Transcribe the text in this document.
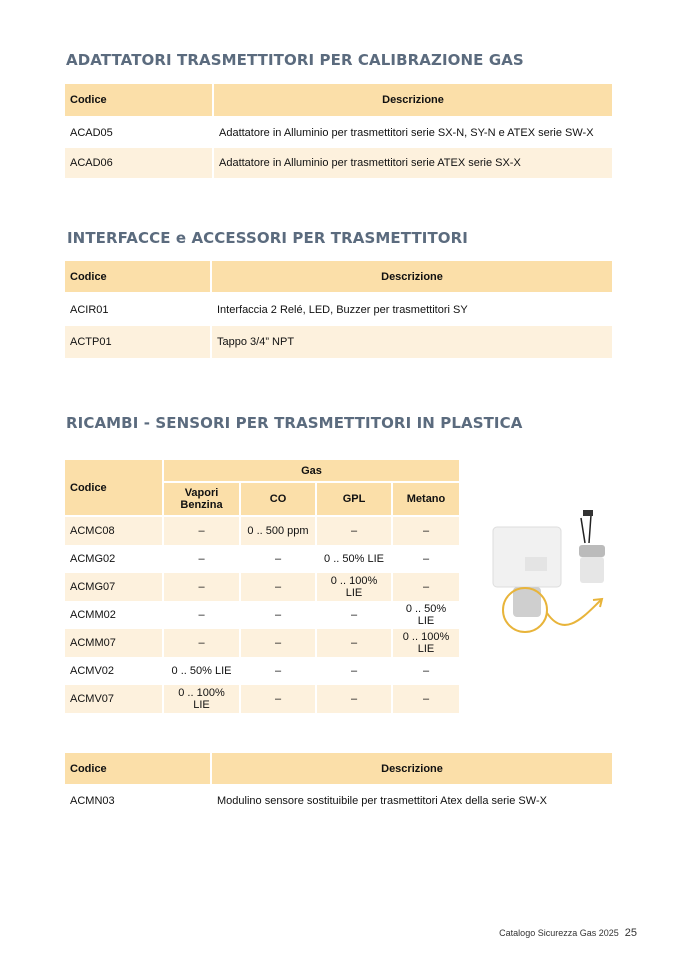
ADATTATORI TRASMETTITORI PER CALIBRAZIONE GAS
Codice	Descrizione
ACAD05	Adattatore in Alluminio per trasmettitori serie SX-N, SY-N e ATEX serie SW-X
ACAD06	Adattatore in Alluminio per trasmettitori serie ATEX serie SX-X
INTERFACCE e ACCESSORI PER TRASMETTITORI
Codice	Descrizione
ACIR01	Interfaccia 2 Relé, LED, Buzzer per trasmettitori SY
ACTP01	Tappo 3/4” NPT
RICAMBI - SENSORI PER TRASMETTITORI IN PLASTICA
Codice	Gas			
	Vapori Benzina	CO	GPL	Metano
ACMC08	–	0 .. 500 ppm	–	–
ACMG02	–	–	0 .. 50% LIE	–
ACMG07	–	–	0 .. 100% LIE	–
ACMM02	–	–	–	0 .. 50% LIE
ACMM07	–	–	–	0 .. 100% LIE
ACMV02	0 .. 50% LIE	–	–	–
ACMV07	0 .. 100% LIE	–	–	–
Codice	Descrizione
ACMN03	Modulino sensore sostituibile per trasmettitori Atex della serie SW-X
Catalogo Sicurezza Gas 2025 25
